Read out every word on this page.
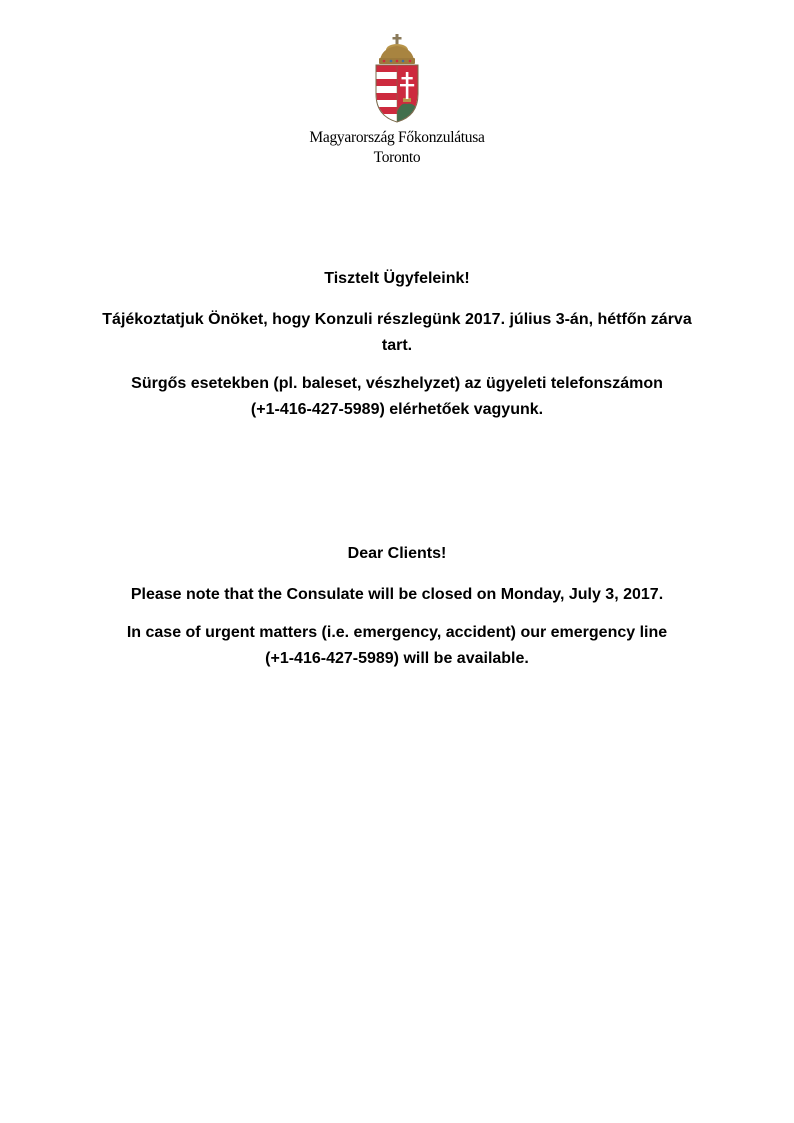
Magyarország Főkonzulátusa
Toronto

Tisztelt Ügyfeleink!

Tájékoztatjuk Önöket, hogy Konzuli részlegünk 2017. július 3-án, hétfőn zárva
tart.

Sürgős esetekben (pl. baleset, vészhelyzet) az ügyeleti telefonszámon
(+1-416-427-5989) elérhetőek vagyunk.

Dear Clients!

Please note that the Consulate will be closed on Monday, July 3, 2017.

In case of urgent matters (i.e. emergency, accident) our emergency line
(+1-416-427-5989) will be available.
